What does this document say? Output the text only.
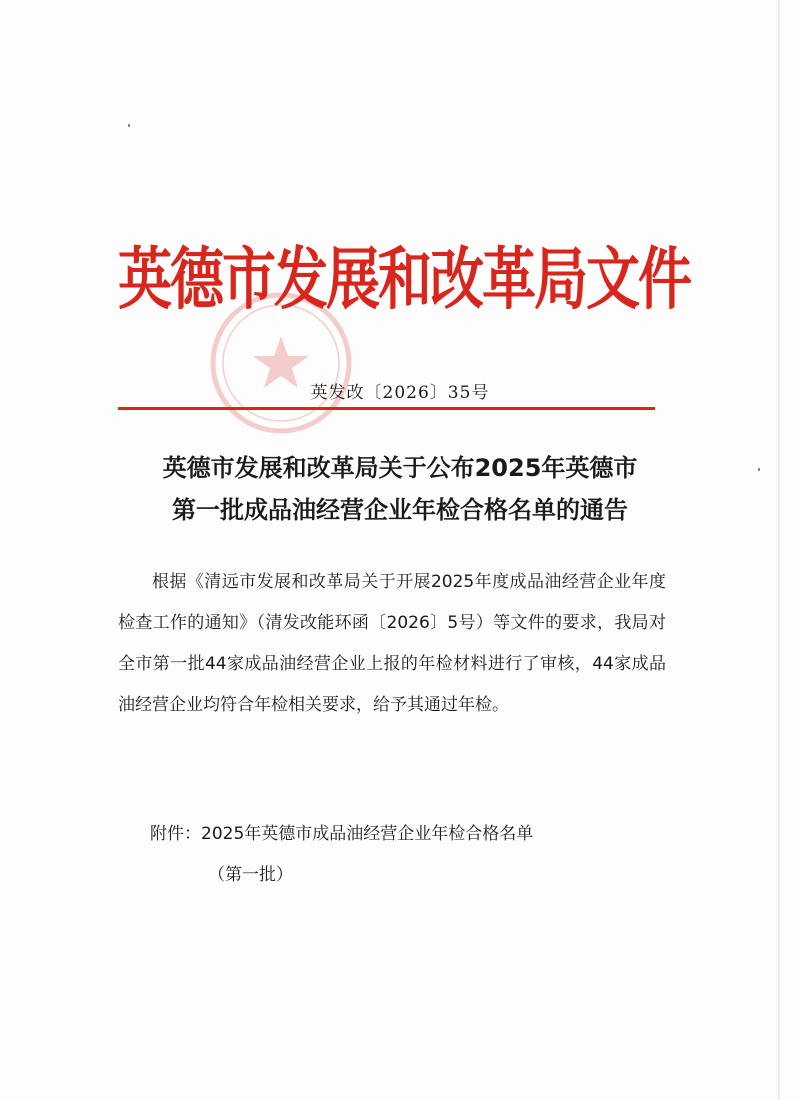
英德市发展和改革局文件
英发改〔2026〕35号
英德市发展和改革局关于公布2025年英德市
第一批成品油经营企业年检合格名单的通告

根据《清远市发展和改革局关于开展2025年度成品油经营企业年度检查工作的通知》（清发改能环函〔2026〕5号）等文件的要求，我局对全市第一批44家成品油经营企业上报的年检材料进行了审核，44家成品油经营企业均符合年检相关要求，给予其通过年检。

附件：2025年英德市成品油经营企业年检合格名单
（第一批）
